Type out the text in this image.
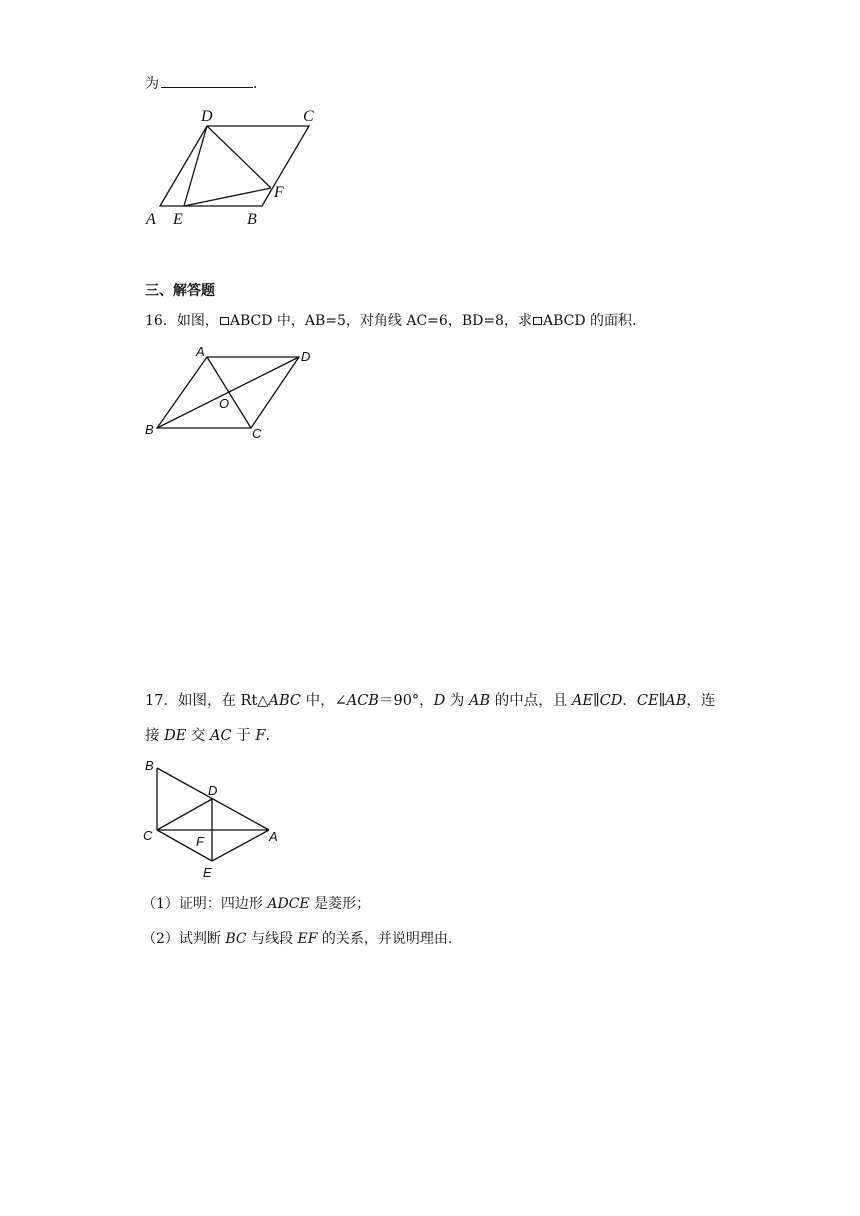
为	.
A E	B
C
D
F
三、解答题
16．如图， ABCD 中，AB=5，对角线 AC=6，BD=8，求 ABCD 的面积.
A
B	C
D
O
17．如图，在 Rt△ABC 中，∠ACB＝90°，D 为 AB 的中点，且 AE∥CD．CE∥AB，连
接 DE 交 AC 于 F.
B
D
C	F	A
E
（1）证明：四边形 ADCE 是菱形；
（2）试判断 BC 与线段 EF 的关系，并说明理由.
